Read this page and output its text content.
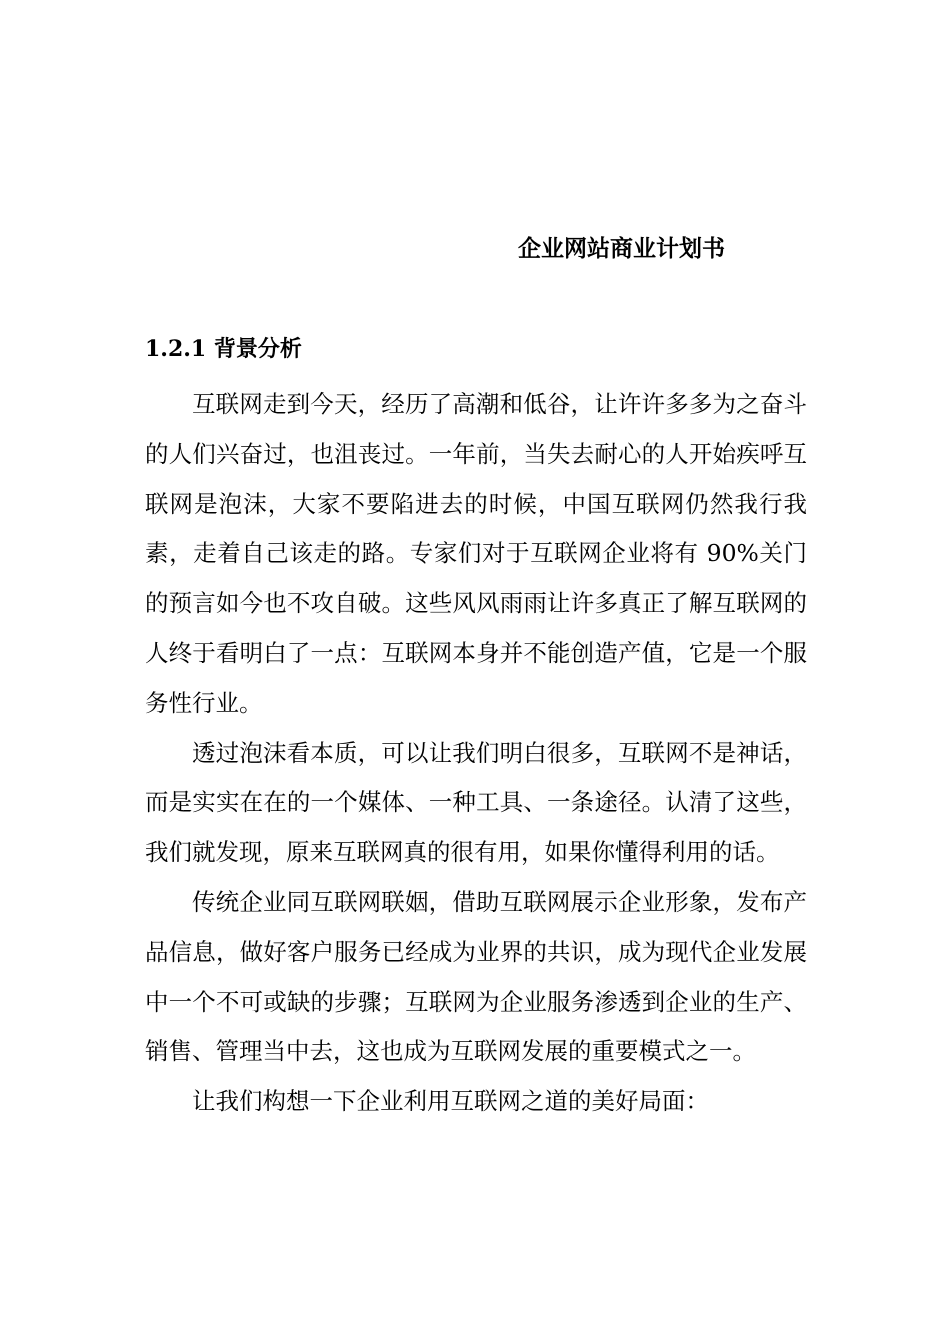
企业网站商业计划书
1.2.1 背景分析

互联网走到今天，经历了高潮和低谷，让许许多多为之奋斗的人们兴奋过，也沮丧过。一年前，当失去耐心的人开始疾呼互联网是泡沫，大家不要陷进去的时候，中国互联网仍然我行我素，走着自己该走的路。专家们对于互联网企业将有 90%关门的预言如今也不攻自破。这些风风雨雨让许多真正了解互联网的人终于看明白了一点：互联网本身并不能创造产值，它是一个服务性行业。

透过泡沫看本质，可以让我们明白很多，互联网不是神话，而是实实在在的一个媒体、一种工具、一条途径。认清了这些，我们就发现，原来互联网真的很有用，如果你懂得利用的话。

传统企业同互联网联姻，借助互联网展示企业形象，发布产品信息，做好客户服务已经成为业界的共识，成为现代企业发展中一个不可或缺的步骤；互联网为企业服务渗透到企业的生产、销售、管理当中去，这也成为互联网发展的重要模式之一。

让我们构想一下企业利用互联网之道的美好局面：
